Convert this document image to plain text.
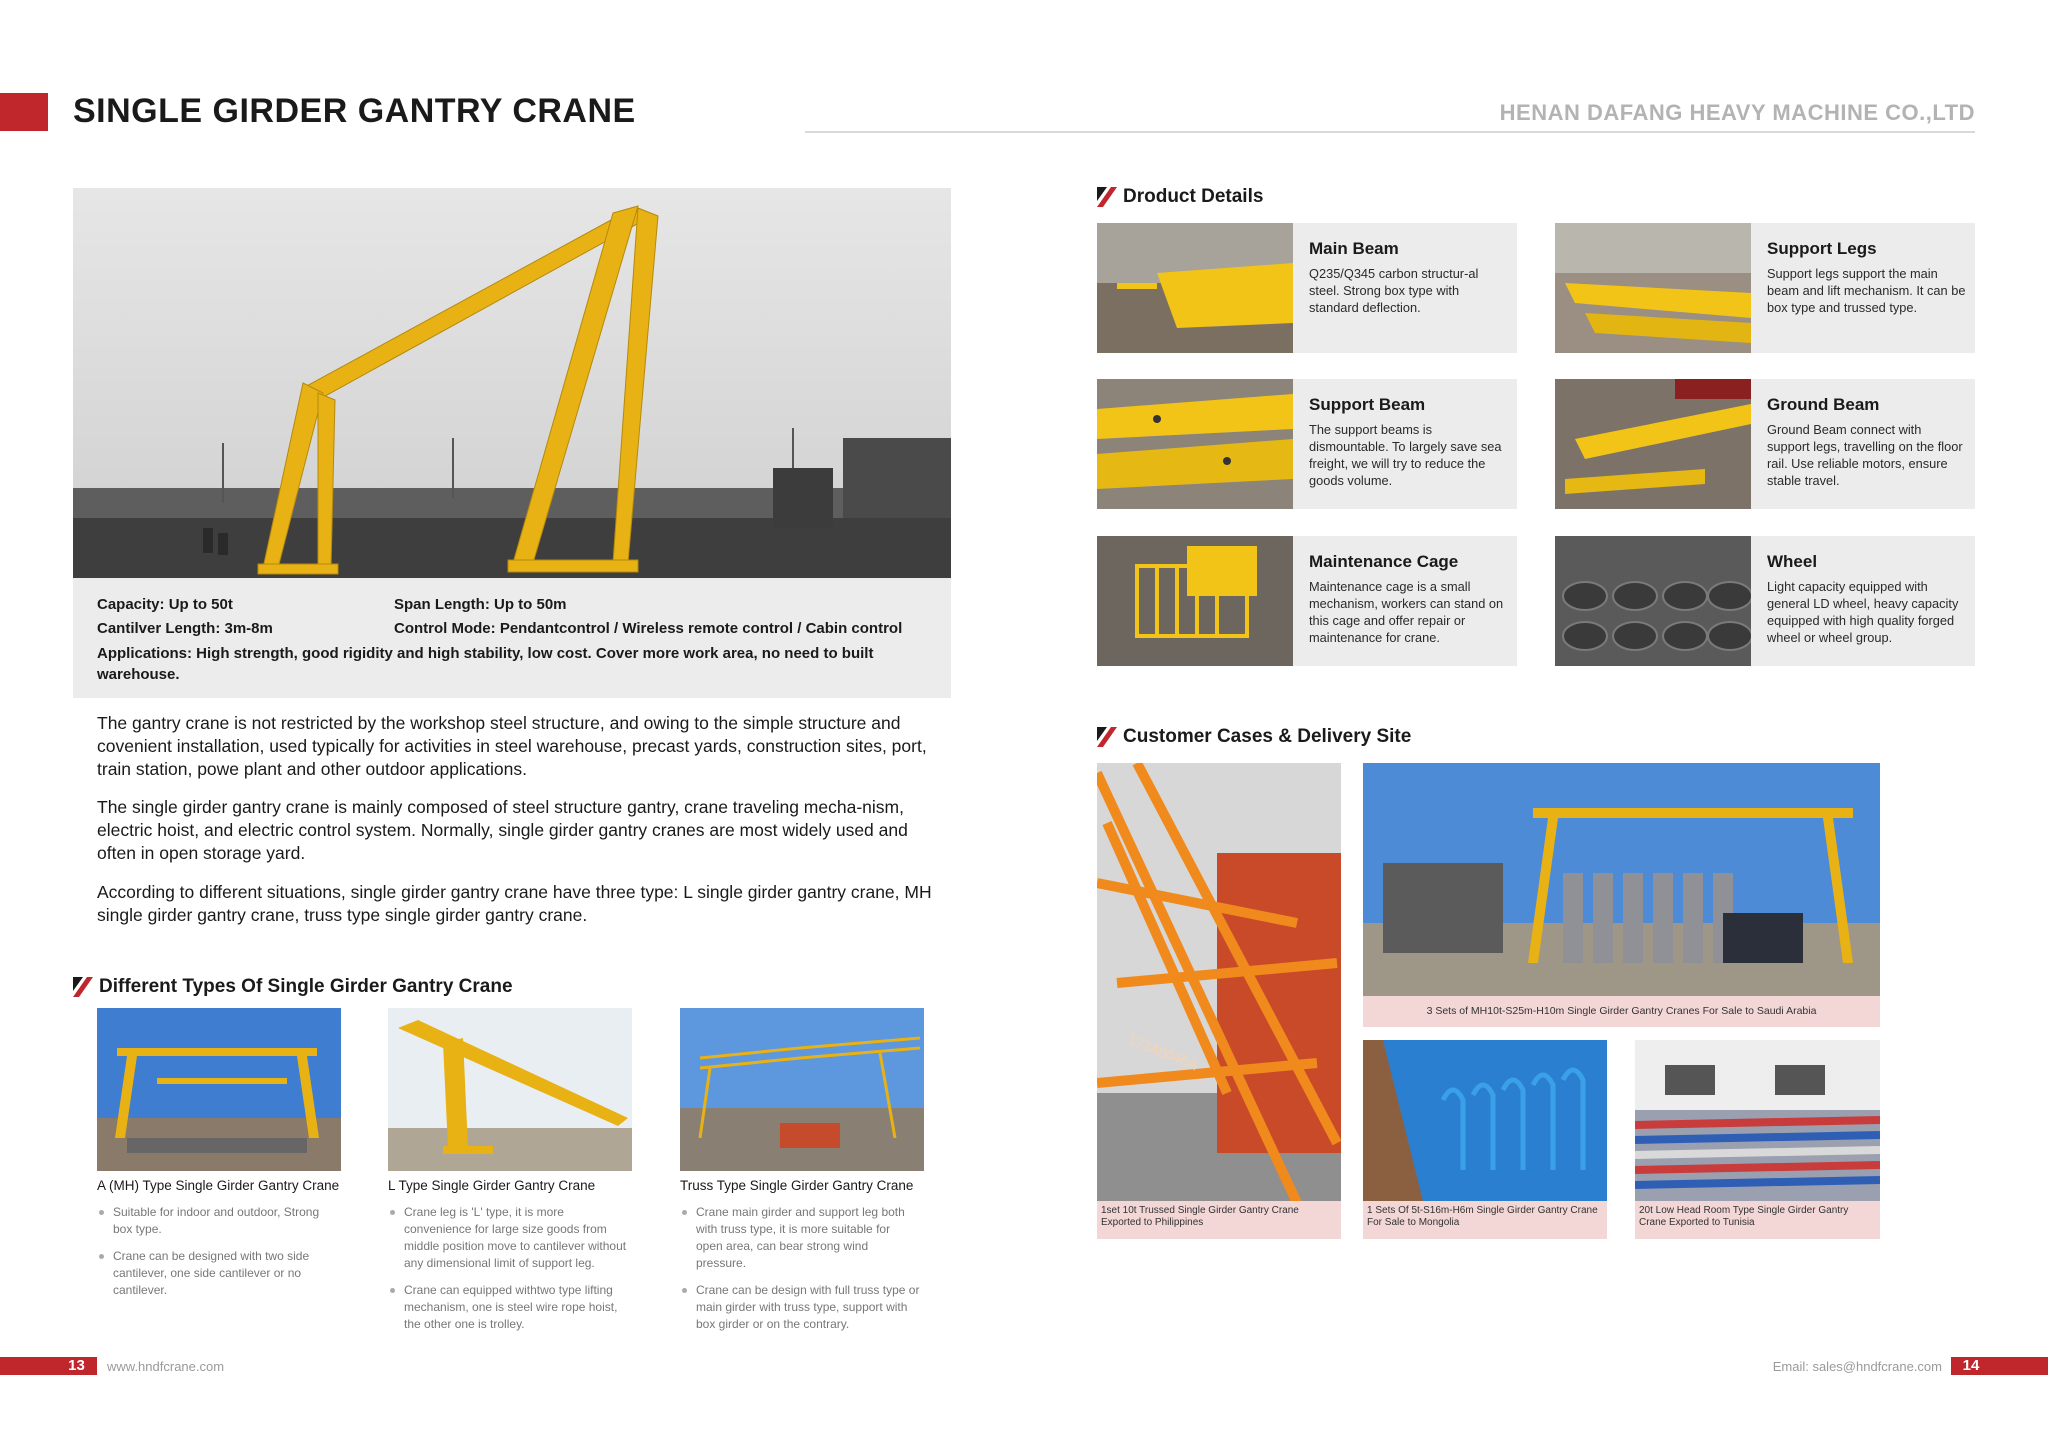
SINGLE GIRDER GANTRY CRANE	HENAN DAFANG HEAVY MACHINE CO.,LTD
Capacity: Up to 50t	Span Length: Up to 50m
Cantilver Length: 3m-8m	Control Mode: Pendantcontrol / Wireless remote control / Cabin control
Applications: High strength, good rigidity and high stability, low cost. Cover more work area, no need to built warehouse.
The gantry crane is not restricted by the workshop steel structure, and owing to the simple structure and covenient installation, used typically for activities in steel warehouse, precast yards, construction sites, port, train station, powe plant and other outdoor applications.
The single girder gantry crane is mainly composed of steel structure gantry, crane traveling mecha-nism, electric hoist, and electric control system. Normally, single girder gantry cranes are most widely used and often in open storage yard.
According to different situations, single girder gantry crane have three type: L single girder gantry crane, MH single girder gantry crane, truss type single girder gantry crane.
Different Types Of Single Girder Gantry Crane
A (MH) Type Single Girder Gantry Crane
Suitable for indoor and outdoor, Strong box type.
Crane can be designed with two side cantilever, one side cantilever or no cantilever.
L Type Single Girder Gantry Crane
Crane leg is 'L' type, it is more convenience for large size goods from middle position move to cantilever without any dimensional limit of support leg.
Crane can equipped withtwo type lifting mechanism, one is steel wire rope hoist, the other one is trolley.
Truss Type Single Girder Gantry Crane
Crane main girder and support leg both with truss type, it is more suitable for open area, can bear strong wind pressure.
Crane can be design with full truss type or main girder with truss type, support with box girder or on the contrary.
Droduct Details
Main Beam
Q235/Q345 carbon structur-al steel. Strong box type with standard deflection.
Support Legs
Support legs support the main beam and lift mechanism. It can be box type and trussed type.
Support Beam
The support beams is dismountable. To largely save sea freight, we will try to reduce the goods volume.
Ground Beam
Ground Beam connect with support legs, travelling on the floor rail. Use reliable motors, ensure stable travel.
Maintenance Cage
Maintenance cage is a small mechanism, workers can stand on this cage and offer repair or maintenance for crane.
Wheel
Light capacity equipped with general LD wheel, heavy capacity equipped with high quality forged wheel or wheel group.
Customer Cases & Delivery Site
172A0046A
1set 10t Trussed Single Girder Gantry Crane Exported to Philippines
3 Sets of MH10t-S25m-H10m Single Girder Gantry Cranes For Sale to Saudi Arabia
1 Sets Of 5t-S16m-H6m Single Girder Gantry Crane For Sale to Mongolia
20t Low Head Room Type Single Girder Gantry Crane Exported to Tunisia
13	www.hndfcrane.com	Email: sales@hndfcrane.com	14
